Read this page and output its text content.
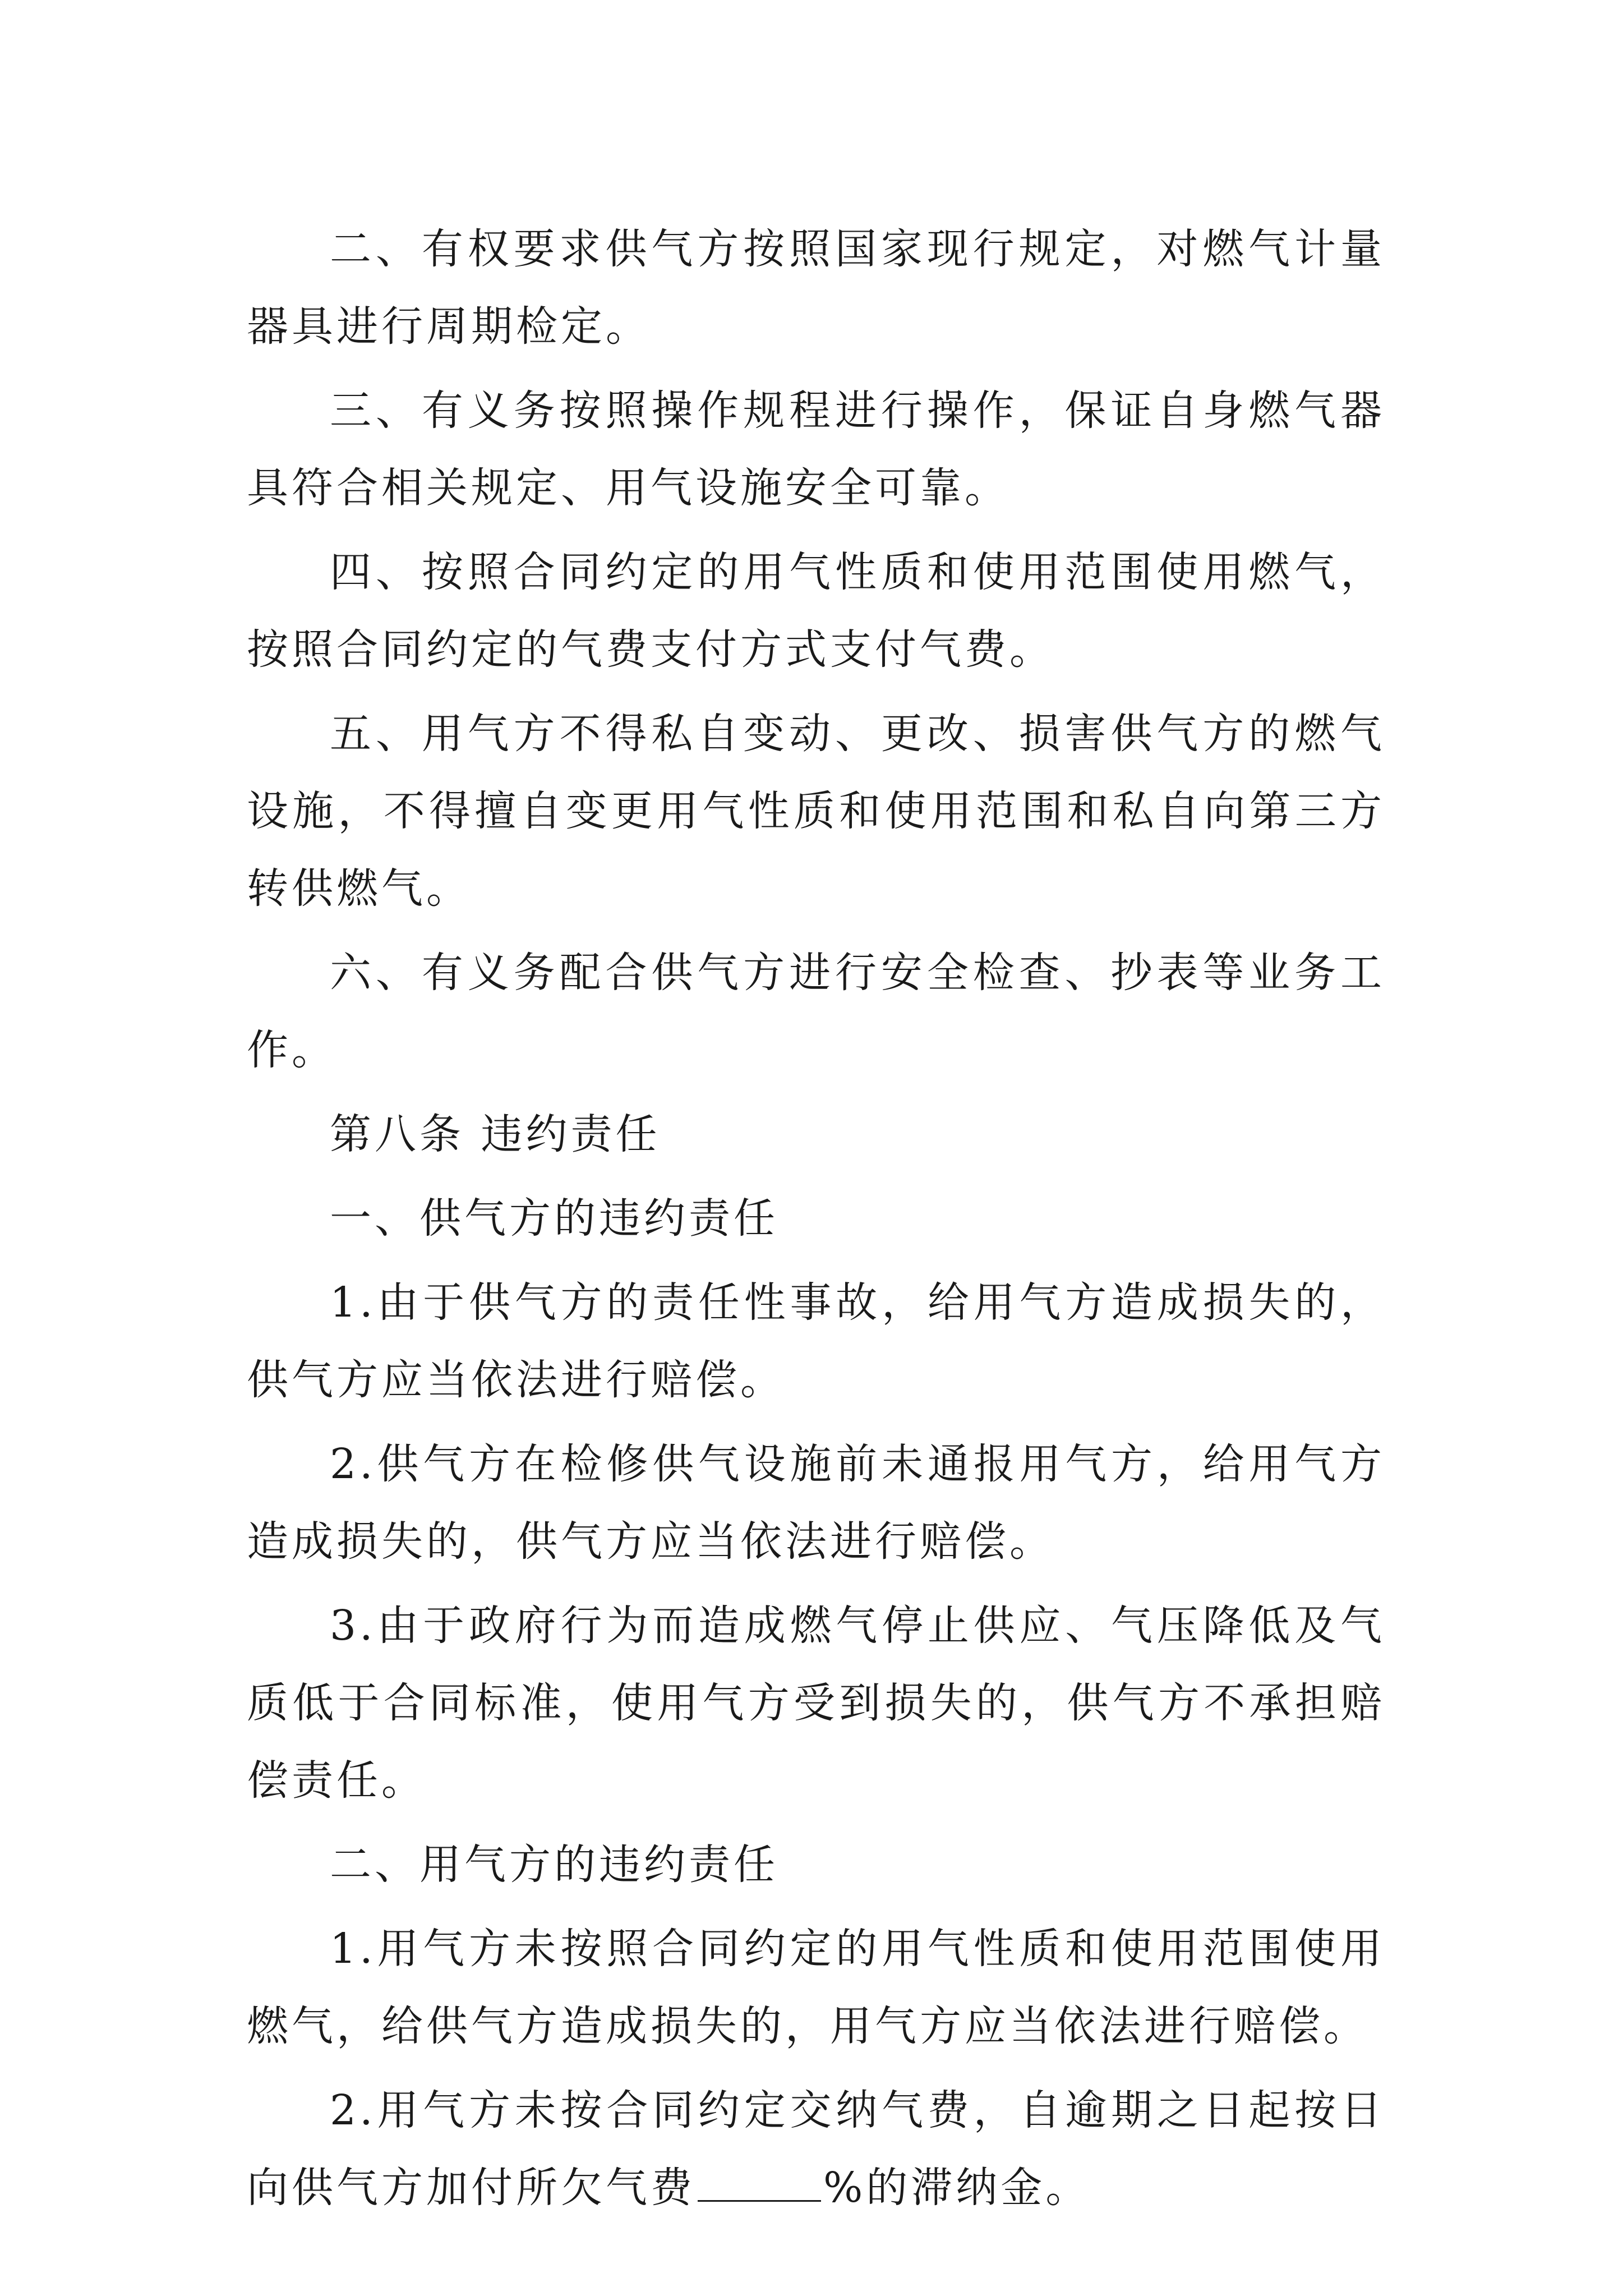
二、有权要求供气方按照国家现行规定，对燃气计量器具进行周期检定。

三、有义务按照操作规程进行操作，保证自身燃气器具符合相关规定、用气设施安全可靠。

四、按照合同约定的用气性质和使用范围使用燃气，按照合同约定的气费支付方式支付气费。

五、用气方不得私自变动、更改、损害供气方的燃气设施，不得擅自变更用气性质和使用范围和私自向第三方转供燃气。

六、有义务配合供气方进行安全检查、抄表等业务工作。

第八条 违约责任

一、供气方的违约责任

1.由于供气方的责任性事故，给用气方造成损失的，供气方应当依法进行赔偿。

2.供气方在检修供气设施前未通报用气方，给用气方造成损失的，供气方应当依法进行赔偿。

3.由于政府行为而造成燃气停止供应、气压降低及气质低于合同标准，使用气方受到损失的，供气方不承担赔偿责任。

二、用气方的违约责任

1.用气方未按照合同约定的用气性质和使用范围使用燃气，给供气方造成损失的，用气方应当依法进行赔偿。

2.用气方未按合同约定交纳气费，自逾期之日起按日向供气方加付所欠气费	%的滞纳金。
